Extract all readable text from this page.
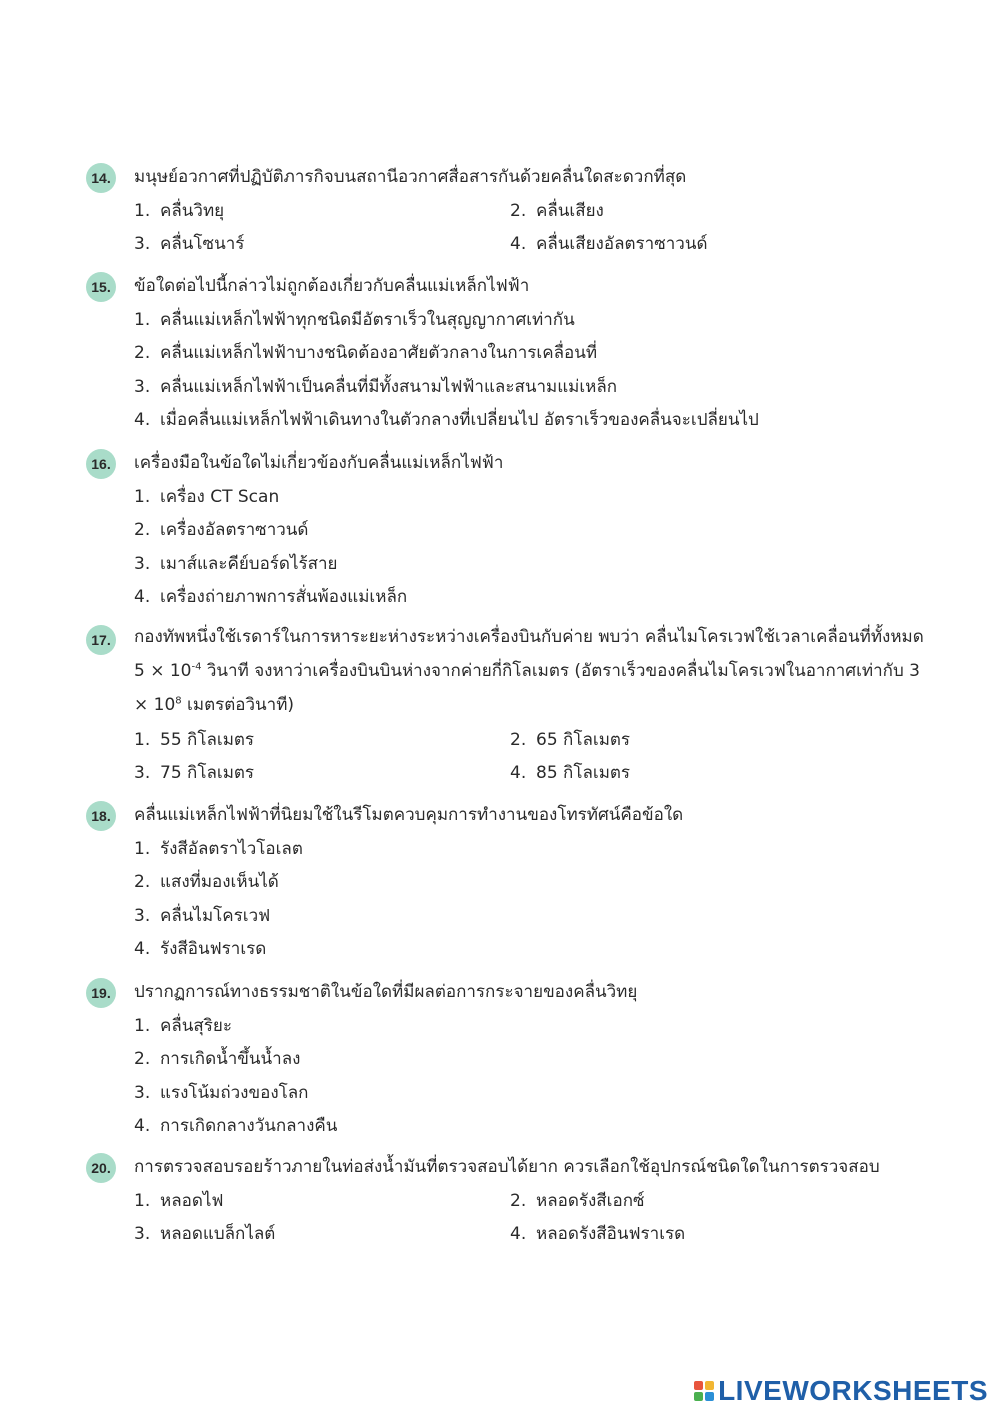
14.	มนุษย์อวกาศที่ปฏิบัติภารกิจบนสถานีอวกาศสื่อสารกันด้วยคลื่นใดสะดวกที่สุด
1. คลื่นวิทยุ	2. คลื่นเสียง
3. คลื่นโซนาร์	4. คลื่นเสียงอัลตราซาวนด์
15.	ข้อใดต่อไปนี้กล่าวไม่ถูกต้องเกี่ยวกับคลื่นแม่เหล็กไฟฟ้า
1. คลื่นแม่เหล็กไฟฟ้าทุกชนิดมีอัตราเร็วในสุญญากาศเท่ากัน
2. คลื่นแม่เหล็กไฟฟ้าบางชนิดต้องอาศัยตัวกลางในการเคลื่อนที่
3. คลื่นแม่เหล็กไฟฟ้าเป็นคลื่นที่มีทั้งสนามไฟฟ้าและสนามแม่เหล็ก
4. เมื่อคลื่นแม่เหล็กไฟฟ้าเดินทางในตัวกลางที่เปลี่ยนไป อัตราเร็วของคลื่นจะเปลี่ยนไป
16.	เครื่องมือในข้อใดไม่เกี่ยวข้องกับคลื่นแม่เหล็กไฟฟ้า
1. เครื่อง CT Scan
2. เครื่องอัลตราซาวนด์
3. เมาส์และคีย์บอร์ดไร้สาย
4. เครื่องถ่ายภาพการสั่นพ้องแม่เหล็ก
17.	กองทัพหนึ่งใช้เรดาร์ในการหาระยะห่างระหว่างเครื่องบินกับค่าย พบว่า คลื่นไมโครเวฟใช้เวลาเคลื่อนที่ทั้งหมด $5 \times 10^{-4}$ วินาที จงหาว่าเครื่องบินบินห่างจากค่ายกี่กิโลเมตร (อัตราเร็วของคลื่นไมโครเวฟในอากาศเท่ากับ $3 \times 10^8$ เมตรต่อวินาที)
1. 55 กิโลเมตร	2. 65 กิโลเมตร
3. 75 กิโลเมตร	4. 85 กิโลเมตร
18.	คลื่นแม่เหล็กไฟฟ้าที่นิยมใช้ในรีโมตควบคุมการทำงานของโทรทัศน์คือข้อใด
1. รังสีอัลตราไวโอเลต
2. แสงที่มองเห็นได้
3. คลื่นไมโครเวฟ
4. รังสีอินฟราเรด
19.	ปรากฏการณ์ทางธรรมชาติในข้อใดที่มีผลต่อการกระจายของคลื่นวิทยุ
1. คลื่นสุริยะ
2. การเกิดน้ำขึ้นน้ำลง
3. แรงโน้มถ่วงของโลก
4. การเกิดกลางวันกลางคืน
20.	การตรวจสอบรอยร้าวภายในท่อส่งน้ำมันที่ตรวจสอบได้ยาก ควรเลือกใช้อุปกรณ์ชนิดใดในการตรวจสอบ
1. หลอดไฟ	2. หลอดรังสีเอกซ์
3. หลอดแบล็กไลต์	4. หลอดรังสีอินฟราเรด
LIVEWORKSHEETS
